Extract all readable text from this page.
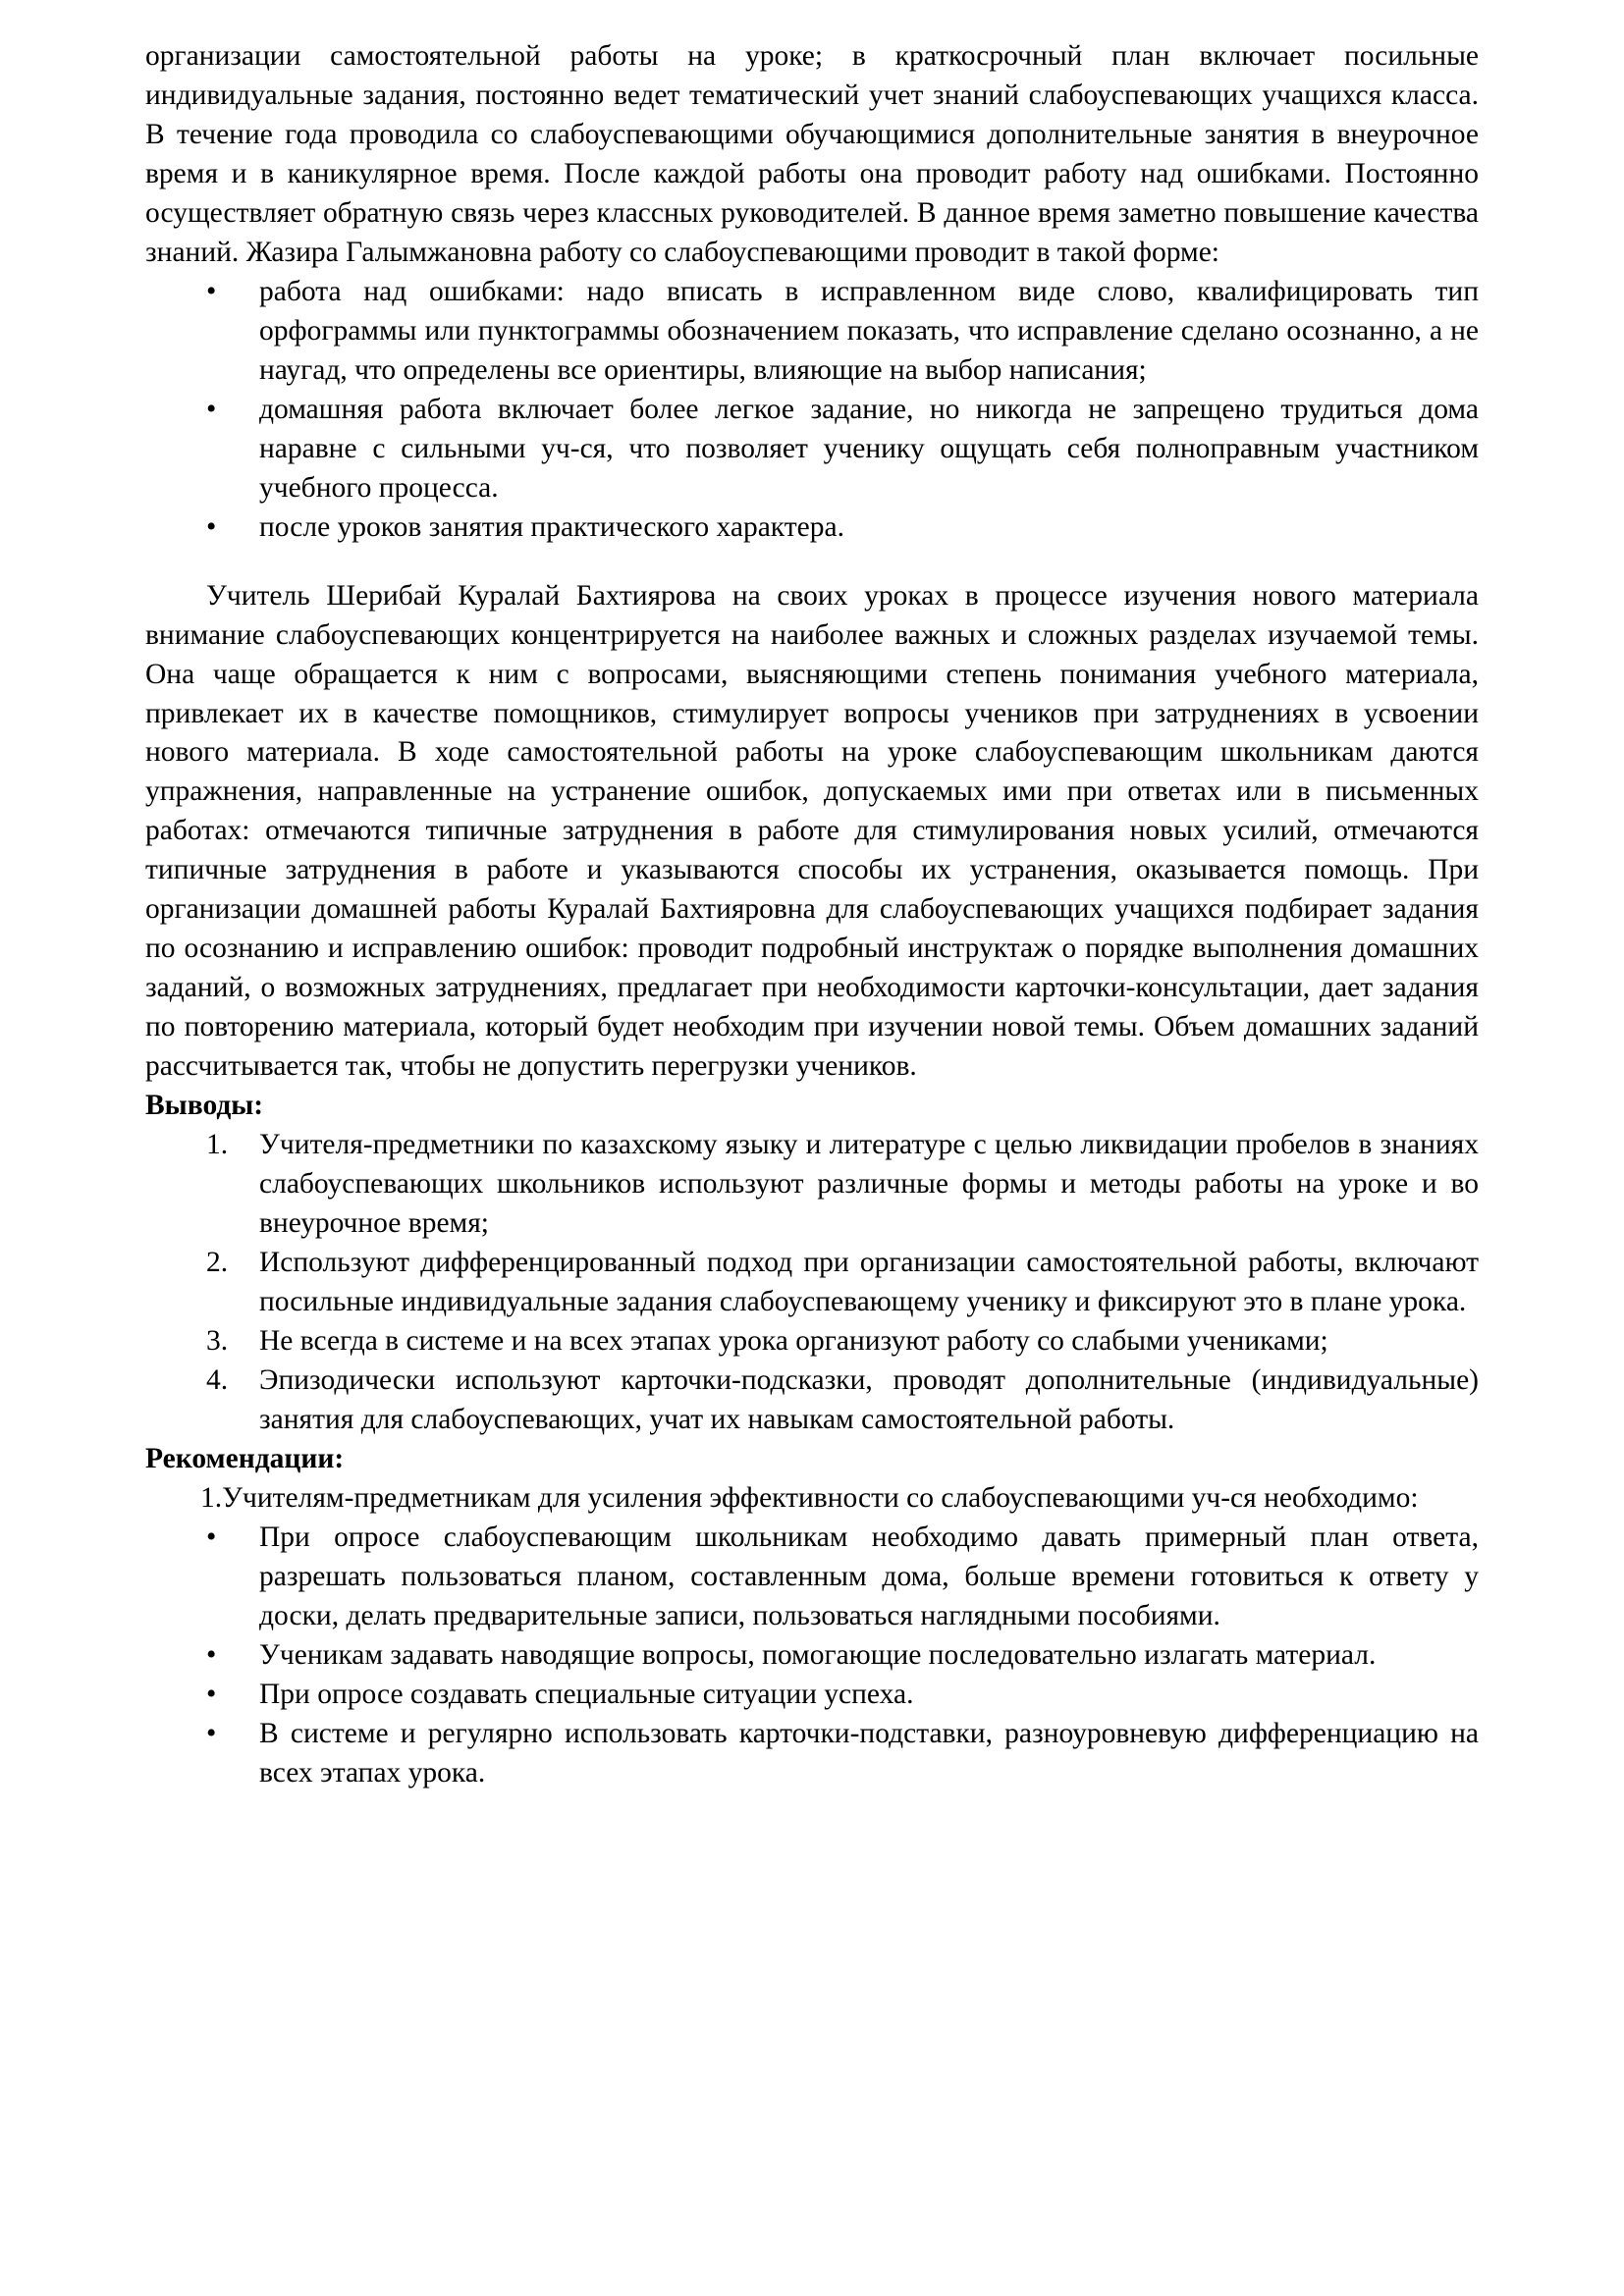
организации самостоятельной работы на уроке; в краткосрочный план включает посильные индивидуальные задания, постоянно ведет тематический учет знаний слабоуспевающих учащихся класса. В течение года проводила со слабоуспевающими обучающимися дополнительные занятия в внеурочное время и в каникулярное время. После каждой работы она проводит работу над ошибками. Постоянно осуществляет обратную связь через классных руководителей. В данное время заметно повышение качества знаний. Жазира Галымжановна работу со слабоуспевающими проводит в такой форме:

• работа над ошибками: надо вписать в исправленном виде слово, квалифицировать тип орфограммы или пунктограммы обозначением показать, что исправление сделано осознанно, а не наугад, что определены все ориентиры, влияющие на выбор написания;
• домашняя работа включает более легкое задание, но никогда не запрещено трудиться дома наравне с сильными уч-ся, что позволяет ученику ощущать себя полноправным участником учебного процесса.
• после уроков занятия практического характера.

Учитель Шерибай Куралай Бахтиярова на своих уроках в процессе изучения нового материала внимание слабоуспевающих концентрируется на наиболее важных и сложных разделах изучаемой темы. Она чаще обращается к ним с вопросами, выясняющими степень понимания учебного материала, привлекает их в качестве помощников, стимулирует вопросы учеников при затруднениях в усвоении нового материала. В ходе самостоятельной работы на уроке слабоуспевающим школьникам даются упражнения, направленные на устранение ошибок, допускаемых ими при ответах или в письменных работах: отмечаются типичные затруднения в работе для стимулирования новых усилий, отмечаются типичные затруднения в работе и указываются способы их устранения, оказывается помощь. При организации домашней работы Куралай Бахтияровна для слабоуспевающих учащихся подбирает задания по осознанию и исправлению ошибок: проводит подробный инструктаж о порядке выполнения домашних заданий, о возможных затруднениях, предлагает при необходимости карточки-консультации, дает задания по повторению материала, который будет необходим при изучении новой темы. Объем домашних заданий рассчитывается так, чтобы не допустить перегрузки учеников.

Выводы:

1.	Учителя-предметники по казахскому языку и литературе с целью ликвидации пробелов в знаниях слабоуспевающих школьников используют различные формы и методы работы на уроке и во внеурочное время;
2.	Используют дифференцированный подход при организации самостоятельной работы, включают посильные индивидуальные задания слабоуспевающему ученику и фиксируют это в плане урока.
3.	Не всегда в системе и на всех этапах урока организуют работу со слабыми учениками;
4.	Эпизодически используют карточки-подсказки, проводят дополнительные (индивидуальные) занятия для слабоуспевающих, учат их навыкам самостоятельной работы.

Рекомендации:

1.Учителям-предметникам для усиления эффективности со слабоуспевающими уч-ся необходимо:

• При опросе слабоуспевающим школьникам необходимо давать примерный план ответа, разрешать пользоваться планом, составленным дома, больше времени готовиться к ответу у доски, делать предварительные записи, пользоваться наглядными пособиями.
• Ученикам задавать наводящие вопросы, помогающие последовательно излагать материал.
• При опросе создавать специальные ситуации успеха.
• В системе и регулярно использовать карточки-подставки, разноуровневую дифференциацию на всех этапах урока.
